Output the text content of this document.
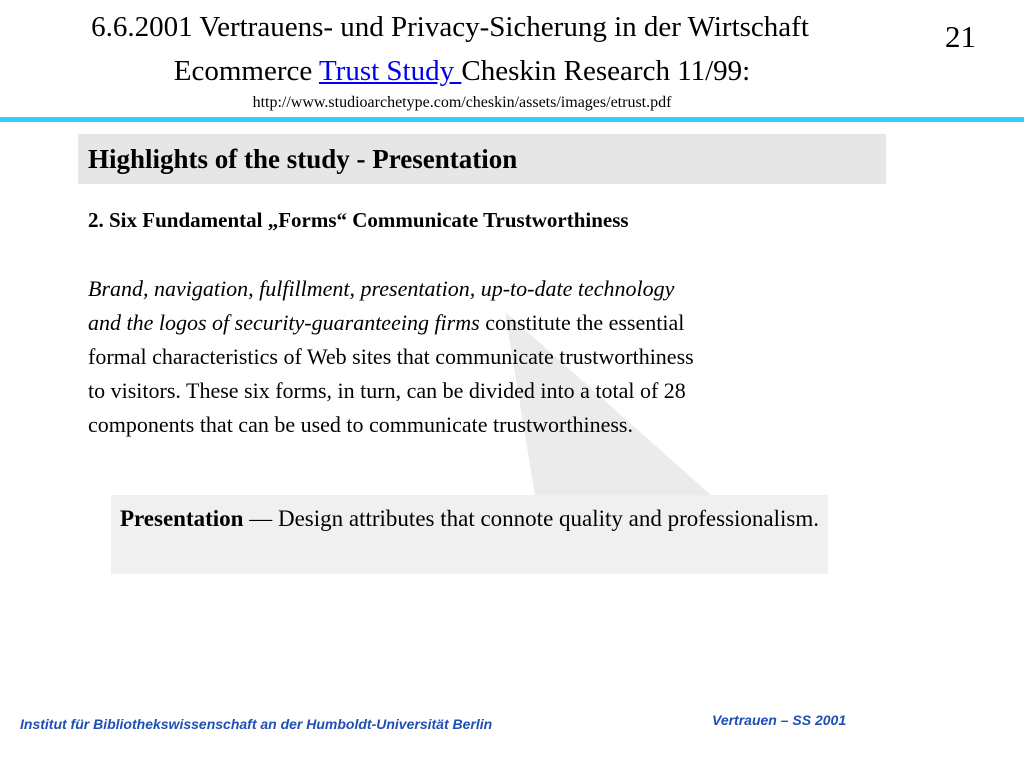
6.6.2001 Vertrauens- und Privacy-Sicherung in der Wirtschaft
Ecommerce Trust Study Cheskin Research 11/99:
http://www.studioarchetype.com/cheskin/assets/images/etrust.pdf
21
Highlights of the study - Presentation
2. Six Fundamental „Forms“ Communicate Trustworthiness
Brand, navigation, fulfillment, presentation, up-to-date technology
and the logos of security-guaranteeing firms constitute the essential
formal characteristics of Web sites that communicate trustworthiness
to visitors. These six forms, in turn, can be divided into a total of 28
components that can be used to communicate trustworthiness.
Presentation — Design attributes that connote quality and professionalism.
Institut für Bibliothekswissenschaft an der Humboldt-Universität Berlin	Vertrauen – SS 2001
